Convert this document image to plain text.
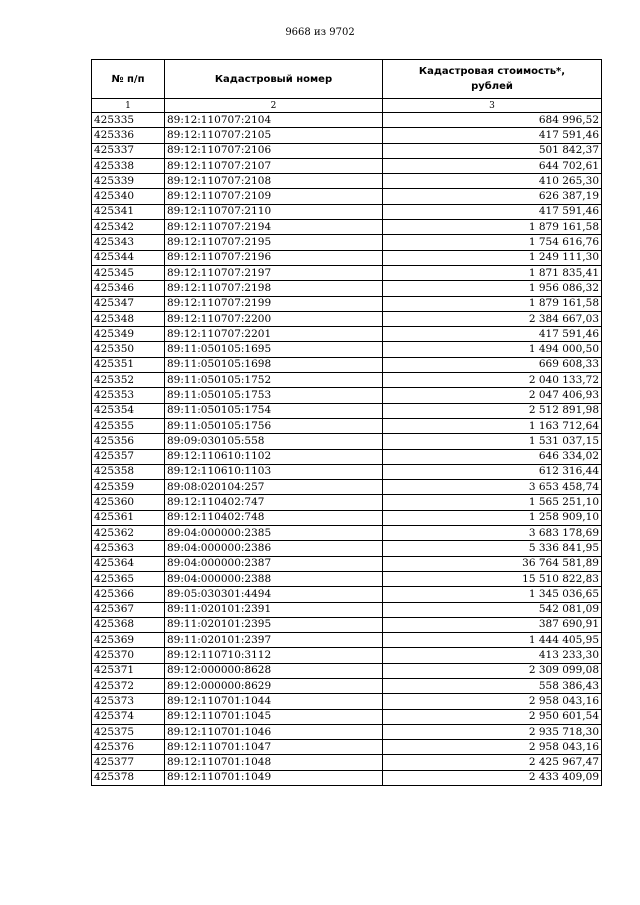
9668 из 9702
№ п/п	Кадастровый номер	Кадастровая стоимость*,
рублей

1	2	3
425335	89:12:110707:2104	684 996,52
425336	89:12:110707:2105	417 591,46
425337	89:12:110707:2106	501 842,37
425338	89:12:110707:2107	644 702,61
425339	89:12:110707:2108	410 265,30
425340	89:12:110707:2109	626 387,19
425341	89:12:110707:2110	417 591,46
425342	89:12:110707:2194	1 879 161,58
425343	89:12:110707:2195	1 754 616,76
425344	89:12:110707:2196	1 249 111,30
425345	89:12:110707:2197	1 871 835,41
425346	89:12:110707:2198	1 956 086,32
425347	89:12:110707:2199	1 879 161,58
425348	89:12:110707:2200	2 384 667,03
425349	89:12:110707:2201	417 591,46
425350	89:11:050105:1695	1 494 000,50
425351	89:11:050105:1698	669 608,33
425352	89:11:050105:1752	2 040 133,72
425353	89:11:050105:1753	2 047 406,93
425354	89:11:050105:1754	2 512 891,98
425355	89:11:050105:1756	1 163 712,64
425356	89:09:030105:558	1 531 037,15
425357	89:12:110610:1102	646 334,02
425358	89:12:110610:1103	612 316,44
425359	89:08:020104:257	3 653 458,74
425360	89:12:110402:747	1 565 251,10
425361	89:12:110402:748	1 258 909,10
425362	89:04:000000:2385	3 683 178,69
425363	89:04:000000:2386	5 336 841,95
425364	89:04:000000:2387	36 764 581,89
425365	89:04:000000:2388	15 510 822,83
425366	89:05:030301:4494	1 345 036,65
425367	89:11:020101:2391	542 081,09
425368	89:11:020101:2395	387 690,91
425369	89:11:020101:2397	1 444 405,95
425370	89:12:110710:3112	413 233,30
425371	89:12:000000:8628	2 309 099,08
425372	89:12:000000:8629	558 386,43
425373	89:12:110701:1044	2 958 043,16
425374	89:12:110701:1045	2 950 601,54
425375	89:12:110701:1046	2 935 718,30
425376	89:12:110701:1047	2 958 043,16
425377	89:12:110701:1048	2 425 967,47
425378	89:12:110701:1049	2 433 409,09
